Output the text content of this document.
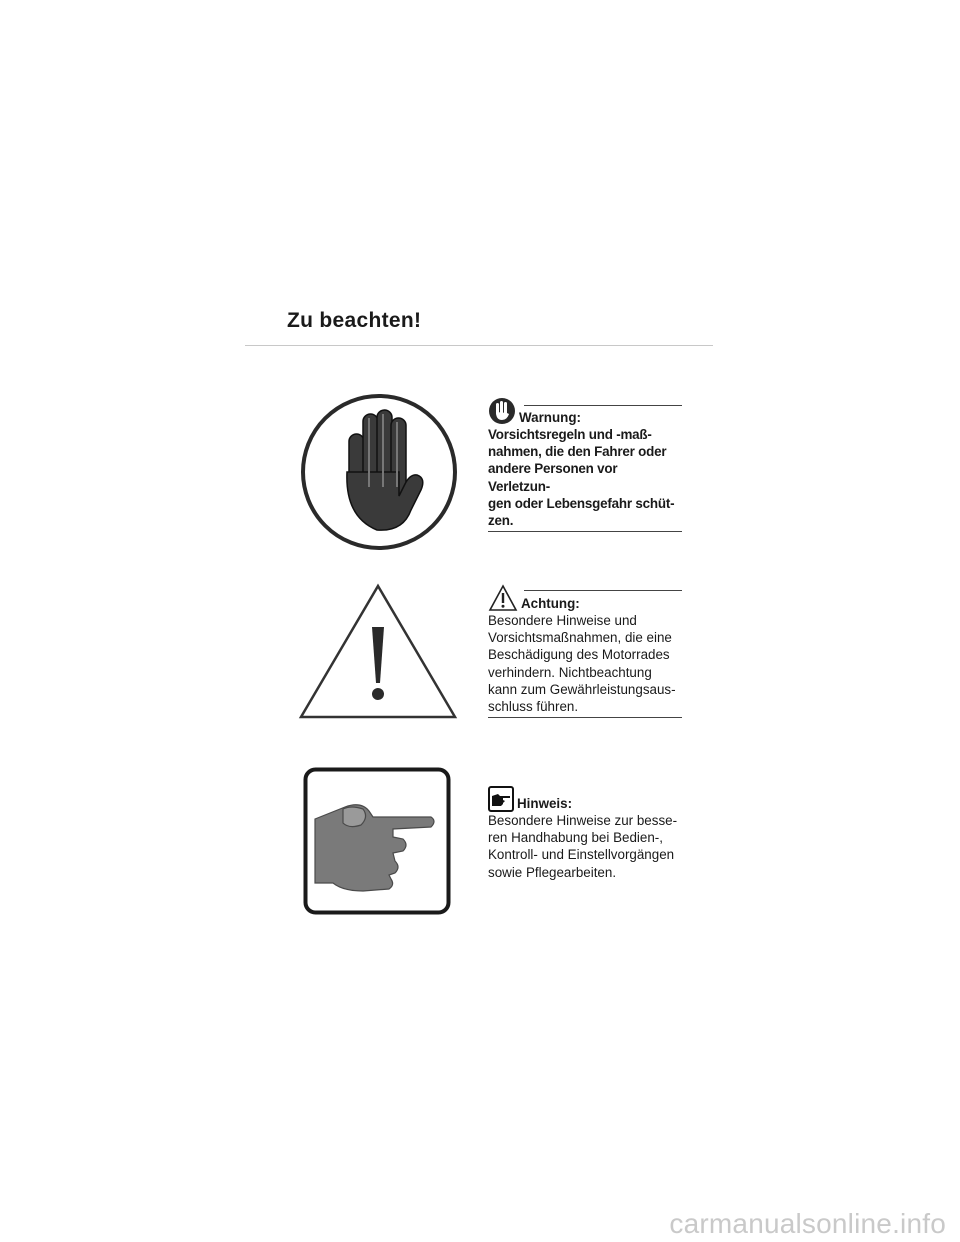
Zu beachten!
Warnung:
Vorsichtsregeln und -maß-
nahmen, die den Fahrer oder
andere Personen vor Verletzun-
gen oder Lebensgefahr schüt-
zen.
Achtung:
Besondere Hinweise und
Vorsichtsmaßnahmen, die eine
Beschädigung des Motorrades
verhindern. Nichtbeachtung
kann zum Gewährleistungsaus-
schluss führen.
Hinweis:
Besondere Hinweise zur besse-
ren Handhabung bei Bedien-,
Kontroll- und Einstellvorgängen
sowie Pflegearbeiten.
carmanualsonline.info
